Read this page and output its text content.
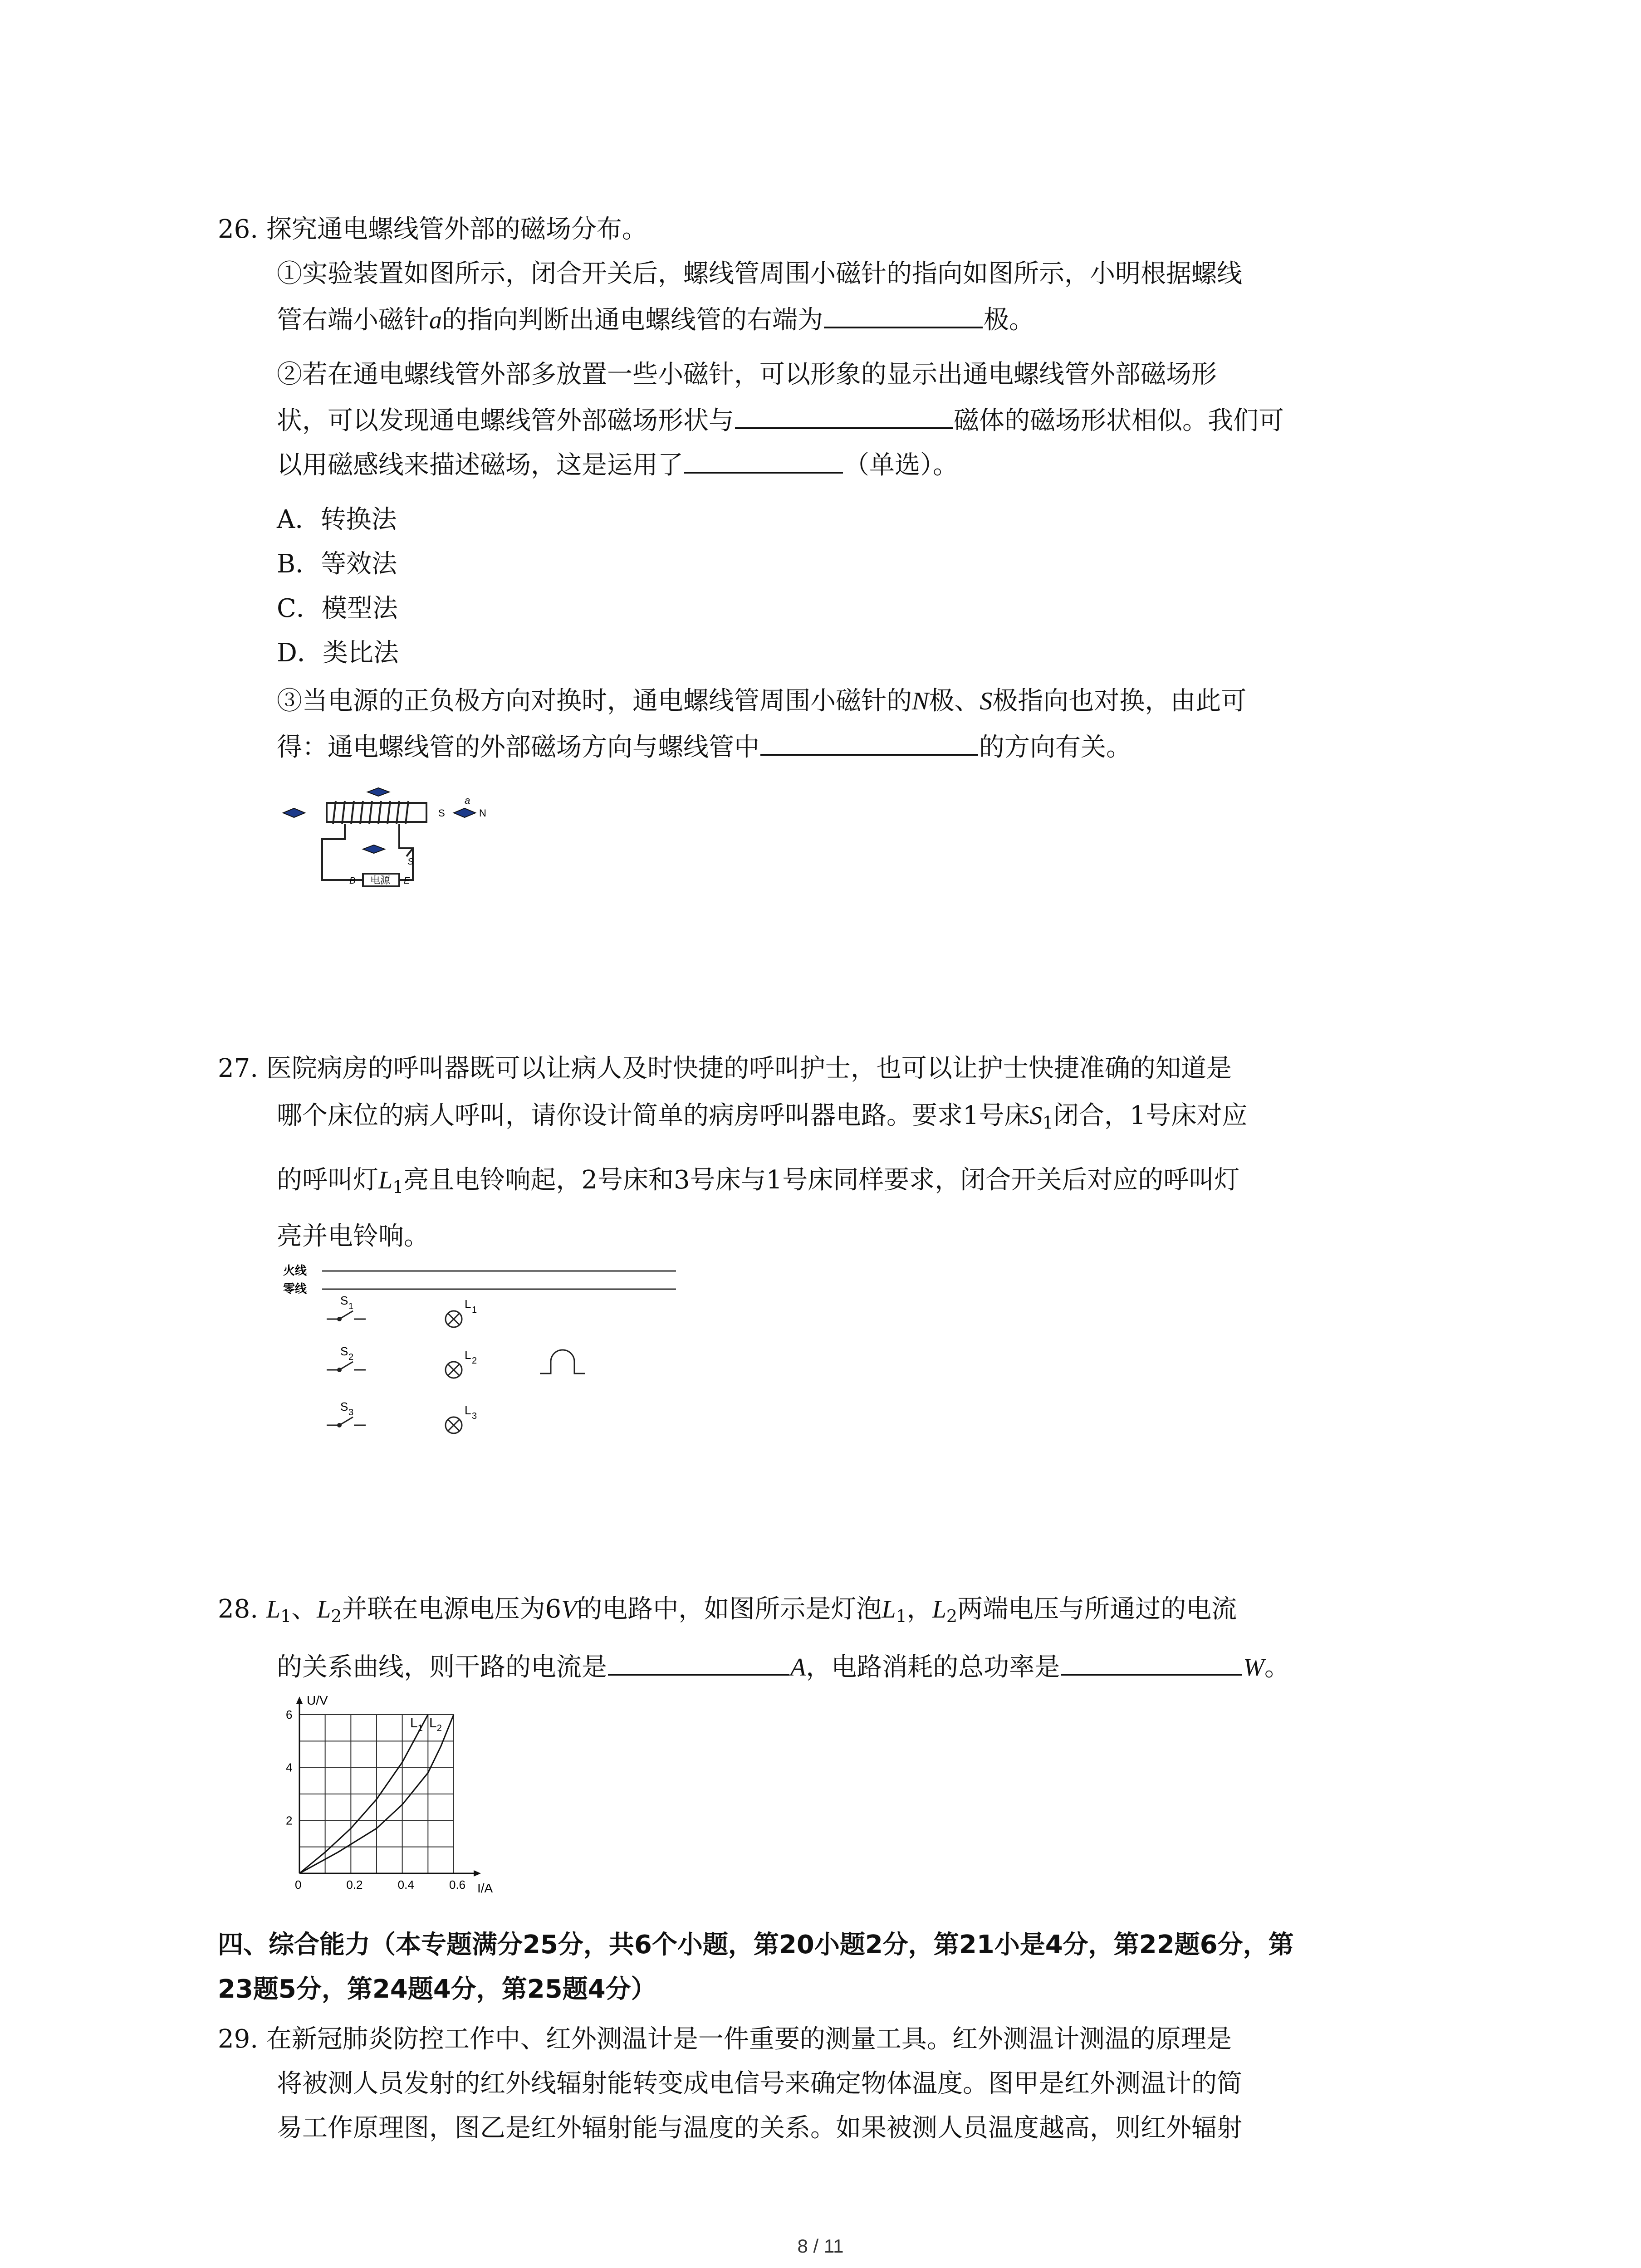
26. 探究通电螺线管外部的磁场分布。
①实验装置如图所示，闭合开关后，螺线管周围小磁针的指向如图所示，小明根据螺线
管右端小磁针a的指向判断出通电螺线管的右端为	极。
②若在通电螺线管外部多放置一些小磁针，可以形象的显示出通电螺线管外部磁场形
状，可以发现通电螺线管外部磁场形状与	磁体的磁场形状相似。我们可
以用磁感线来描述磁场，这是运用了	（单选）。
A．转换法
B．等效法
C．模型法
D．类比法
③当电源的正负极方向对换时，通电螺线管周围小磁针的N极、S极指向也对换，由此可
得：通电螺线管的外部磁场方向与螺线管中	的方向有关。
S
a
N
电源
B	E
S
27. 医院病房的呼叫器既可以让病人及时快捷的呼叫护士，也可以让护士快捷准确的知道是
哪个床位的病人呼叫，请你设计简单的病房呼叫器电路。要求1号床$S_1$闭合，1号床对应
的呼叫灯$L_1$亮且电铃响起，2号床和3号床与1号床同样要求，闭合开关后对应的呼叫灯
亮并电铃响。
火线
零线
S 1
S 2
S 3
L 1
L 2
L 3
28. $L_1$、$L_2$并联在电源电压为6V的电路中，如图所示是灯泡$L_1$，$L_2$两端电压与所通过的电流
的关系曲线，则干路的电流是	A，电路消耗的总功率是	W。
U/V
I/A
$L_1$ $L_2$
0	0.2	0.4	0.6
2
4
6
四、综合能力（本专题满分25分，共6个小题，第20小题2分，第21小是4分，第22题6分，第
23题5分，第24题4分，第25题4分）
29. 在新冠肺炎防控工作中、红外测温计是一件重要的测量工具。红外测温计测温的原理是
将被测人员发射的红外线辐射能转变成电信号来确定物体温度。图甲是红外测温计的简
易工作原理图，图乙是红外辐射能与温度的关系。如果被测人员温度越高，则红外辐射
8 / 11
